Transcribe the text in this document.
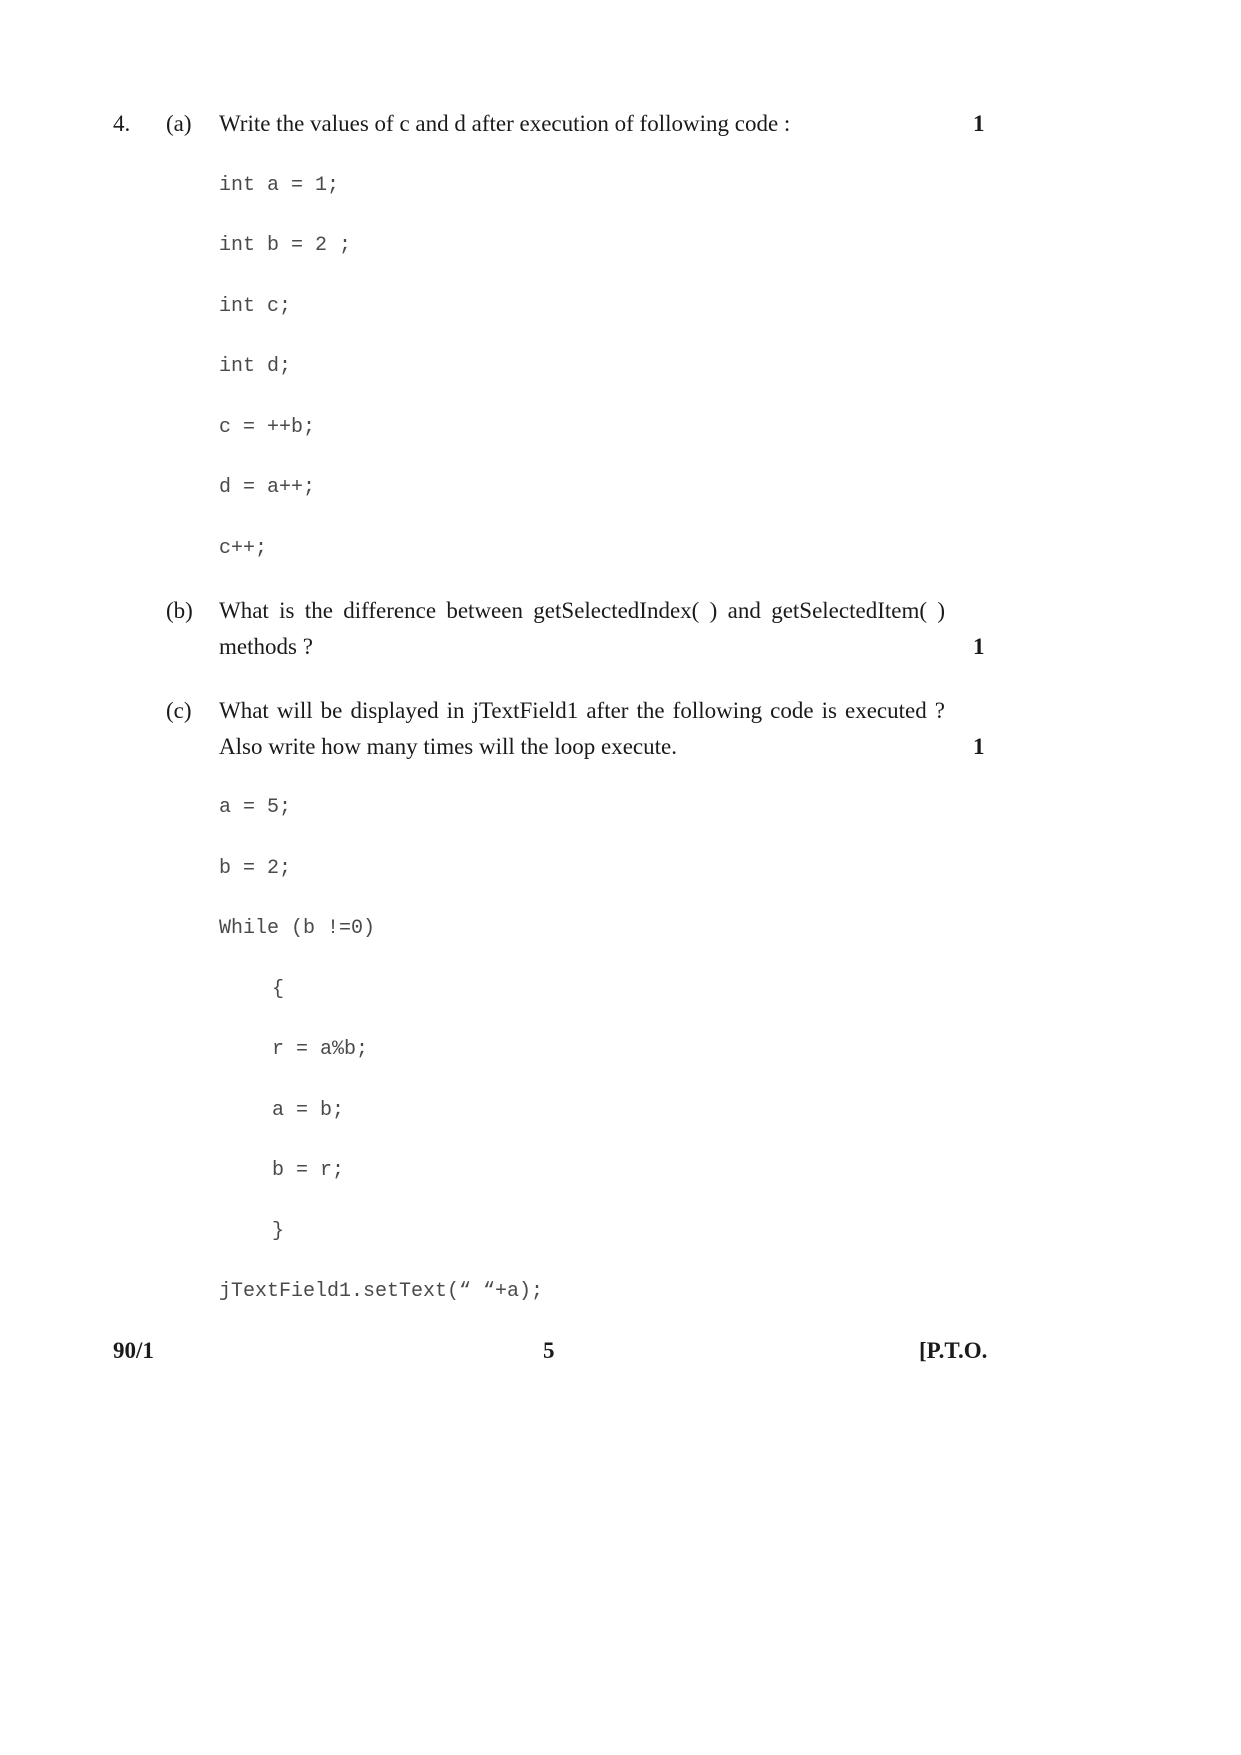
4. (a) Write the values of c and d after execution of following code :	1
int a = 1;
int b = 2 ;
int c;
int d;
c = ++b;
d = a++;
c++;
(b) What is the difference between getSelectedIndex( ) and getSelectedItem( )
methods ?	1
(c) What will be displayed in jTextField1 after the following code is executed ?
Also write how many times will the loop execute.	1
a = 5;
b = 2;
While (b !=0)
{
r = a%b;
a = b;
b = r;
}
jTextField1.setText(“ “+a);
90/1	5	[P.T.O.
